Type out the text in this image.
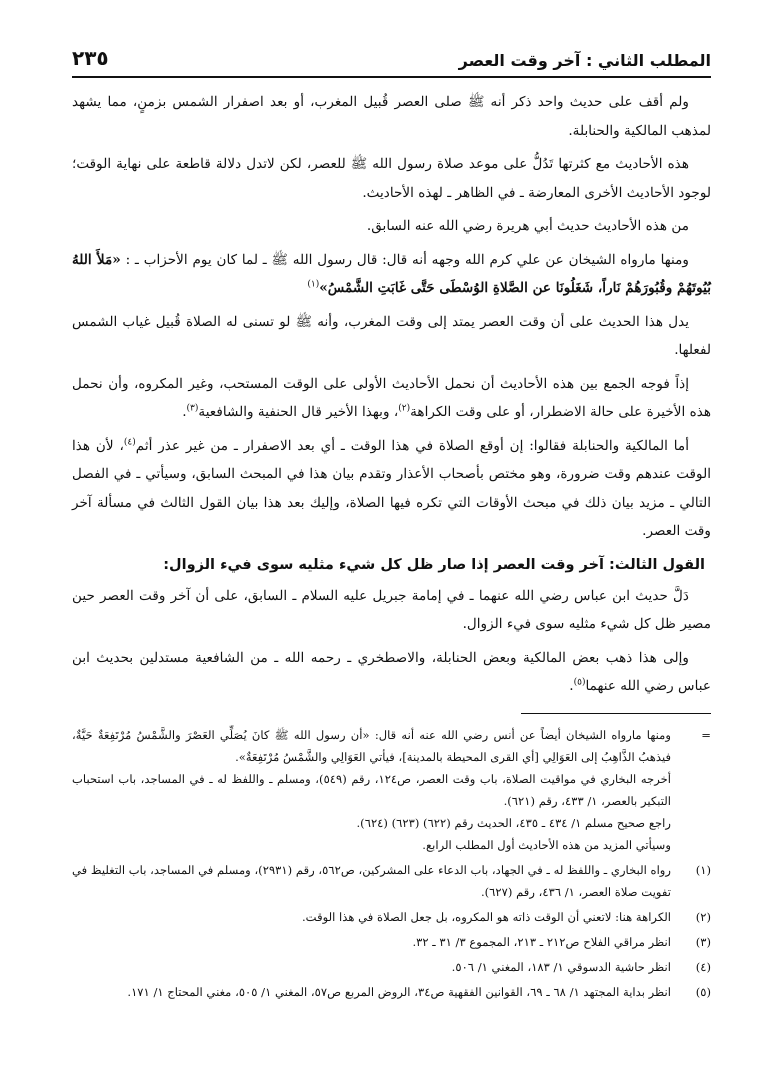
المطلب الثاني : آخر وقت العصر
٢٣٥

ولم أقف على حديث واحد ذكر أنه ﷺ صلى العصر قُبيل المغرب، أو بعد اصفرار الشمس بزمنٍ، مما يشهد لمذهب المالكية والحنابلة.

هذه الأحاديث مع كثرتها تَدُلُّ على موعد صلاة رسول الله ﷺ للعصر، لكن لاتدل دلالة قاطعة على نهاية الوقت؛ لوجود الأحاديث الأخرى المعارضة ـ في الظاهر ـ لهذه الأحاديث.

من هذه الأحاديث حديث أبي هريرة رضي الله عنه السابق.

ومنها مارواه الشيخان عن علي كرم الله وجهه أنه قال: قال رسول الله ﷺ ـ لما كان يوم الأحزاب ـ : «مَلأَ اللهُ بُيُوتَهُمْ وقُبُورَهُمْ نَاراً، شَغَلُونَا عن الصَّلاةِ الوُسْطَى حَتَّى غَابَتِ الشَّمْسُ»$^{(١)}$

يدل هذا الحديث على أن وقت العصر يمتد إلى وقت المغرب، وأنه ﷺ لو تسنى له الصلاة قُبيل غياب الشمس لفعلها.

إذاً فوجه الجمع بين هذه الأحاديث أن نحمل الأحاديث الأولى على الوقت المستحب، وغير المكروه، وأن نحمل هذه الأخيرة على حالة الاضطرار، أو على وقت الكراهة$^{(٢)}$، وبهذا الأخير قال الحنفية والشافعية$^{(٣)}$.

أما المالكية والحنابلة فقالوا: إن أوقع الصلاة في هذا الوقت ـ أي بعد الاصفرار ـ من غير عذر أثم$^{(٤)}$، لأن هذا الوقت عندهم وقت ضرورة، وهو مختص بأصحاب الأعذار وتقدم بيان هذا في المبحث السابق، وسيأتي ـ في الفصل التالي ـ مزيد بيان ذلك في مبحث الأوقات التي تكره فيها الصلاة، وإليك بعد هذا بيان القول الثالث في مسألة آخر وقت العصر.

القول الثالث: آخر وقت العصر إذا صار ظل كل شيء مثليه سوى فيء الزوال:

دَلَّ حديث ابن عباس رضي الله عنهما ـ في إمامة جبريل عليه السلام ـ السابق، على أن آخر وقت العصر حين مصير ظل كل شيء مثليه سوى فيء الزوال.

وإلى هذا ذهب بعض المالكية وبعض الحنابلة، والاصطخري ـ رحمه الله ـ من الشافعية مستدلين بحديث ابن عباس رضي الله عنهما$^{(٥)}$.

=
ومنها مارواه الشيخان أيضاً عن أنس رضي الله عنه أنه قال: «أن رسول الله ﷺ كانَ يُصَلِّي العَصْرَ والشَّمْسُ مُرْتَفِعَةٌ حَيَّةٌ، فيذهبُ الذَّاهِبُ إلى العَوَالِي [أي القرى المحيطة بالمدينة]، فيأتي العَوَالِي والشَّمْسُ مُرْتَفِعَةٌ».
أخرجه البخاري في مواقيت الصلاة، باب وقت العصر، ص١٢٤، رقم (٥٤٩)، ومسلم ـ واللفظ له ـ في المساجد، باب استحباب التبكير بالعصر، ١/ ٤٣٣، رقم (٦٢١).
راجع صحيح مسلم ١/ ٤٣٤ ـ ٤٣٥، الحديث رقم (٦٢٢) (٦٢٣) (٦٢٤).
وسيأتي المزيد من هذه الأحاديث أول المطلب الرابع.
(١)
رواه البخاري ـ واللفظ له ـ في الجهاد، باب الدعاء على المشركين، ص٥٦٢، رقم (٢٩٣١)، ومسلم في المساجد، باب التغليظ في تفويت صلاة العصر، ١/ ٤٣٦، رقم (٦٢٧).
(٢)
الكراهة هنا: لاتعني أن الوقت ذاته هو المكروه، بل جعل الصلاة في هذا الوقت.
(٣)
انظر مراقي الفلاح ص٢١٢ ـ ٢١٣، المجموع ٣/ ٣١ ـ ٣٢.
(٤)
انظر حاشية الدسوقي ١/ ١٨٣، المغني ١/ ٥٠٦.
(٥)
انظر بداية المجتهد ١/ ٦٨ ـ ٦٩، القوانين الفقهية ص٣٤، الروض المربع ص٥٧، المغني ١/ ٥٠٥، مغني المحتاج ١/ ١٧١.
